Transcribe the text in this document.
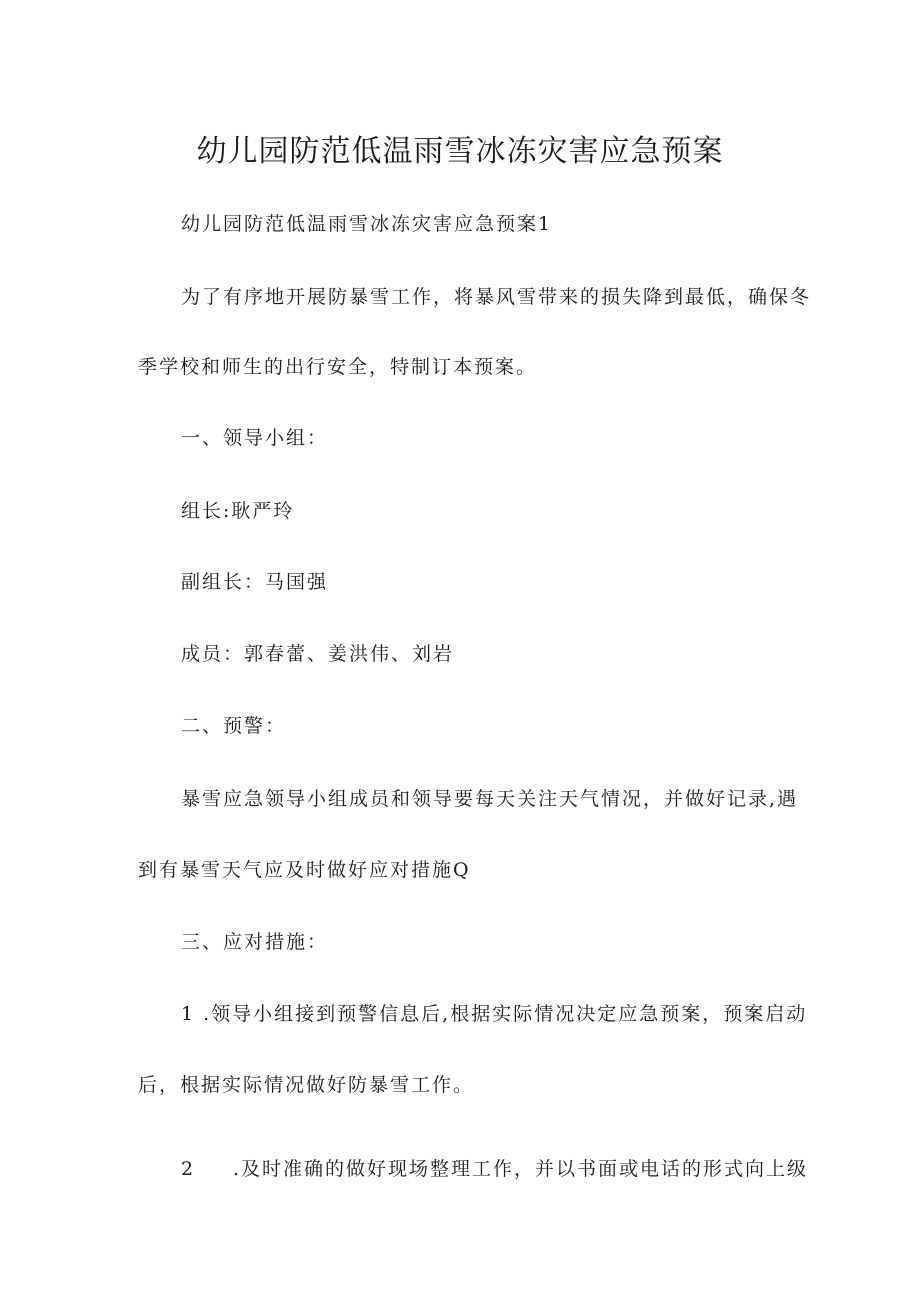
幼儿园防范低温雨雪冰冻灾害应急预案
幼儿园防范低温雨雪冰冻灾害应急预案1
为了有序地开展防暴雪工作，将暴风雪带来的损失降到最低，确保冬
季学校和师生的出行安全，特制订本预案。
一、领导小组：
组长:耿严玲
副组长：马国强
成员：郭春蕾、姜洪伟、刘岩
二、预警：
暴雪应急领导小组成员和领导要每天关注天气情况，并做好记录,遇
到有暴雪天气应及时做好应对措施Q
三、应对措施：
1 .领导小组接到预警信息后,根据实际情况决定应急预案，预案启动
后，根据实际情况做好防暴雪工作。
2 .及时准确的做好现场整理工作，并以书面或电话的形式向上级
